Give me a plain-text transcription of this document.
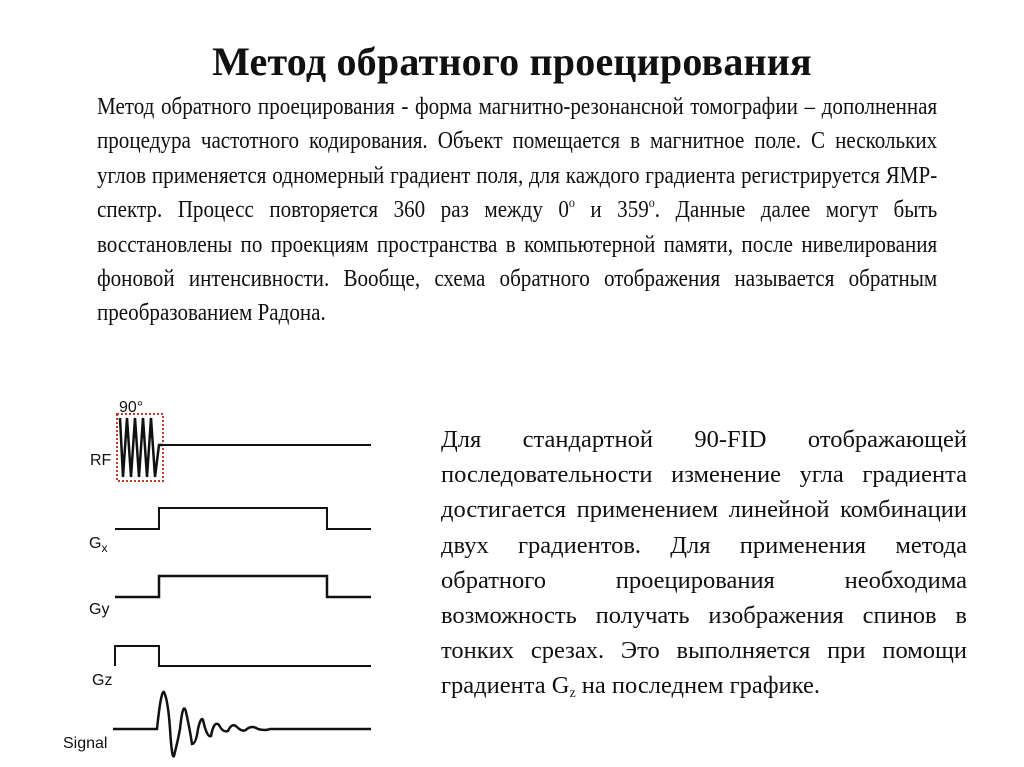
Метод обратного проецирования
Метод обратного проецирования - форма магнитно-резонансной томографии – дополненная процедура частотного кодирования. Объект помещается в магнитное поле. С нескольких углов применяется одномерный градиент поля, для каждого градиента регистрируется ЯМР-спектр. Процесс повторяется 360 раз между 0$^o$ и 359$^o$. Данные далее могут быть восстановлены по проекциям пространства в компьютерной памяти, после нивелирования фоновой интенсивности. Вообще, схема обратного отображения называется обратным преобразованием Радона.
Для стандартной 90-FID отображающей последовательности изменение угла градиента достигается применением линейной комбинации двух градиентов. Для применения метода обратного проецирования необходима возможность получать изображения спинов в тонких срезах. Это выполняется при помощи градиента $G_z$ на последнем графике.
90°
RF
$G_x$
Gy
Gz
Signal
